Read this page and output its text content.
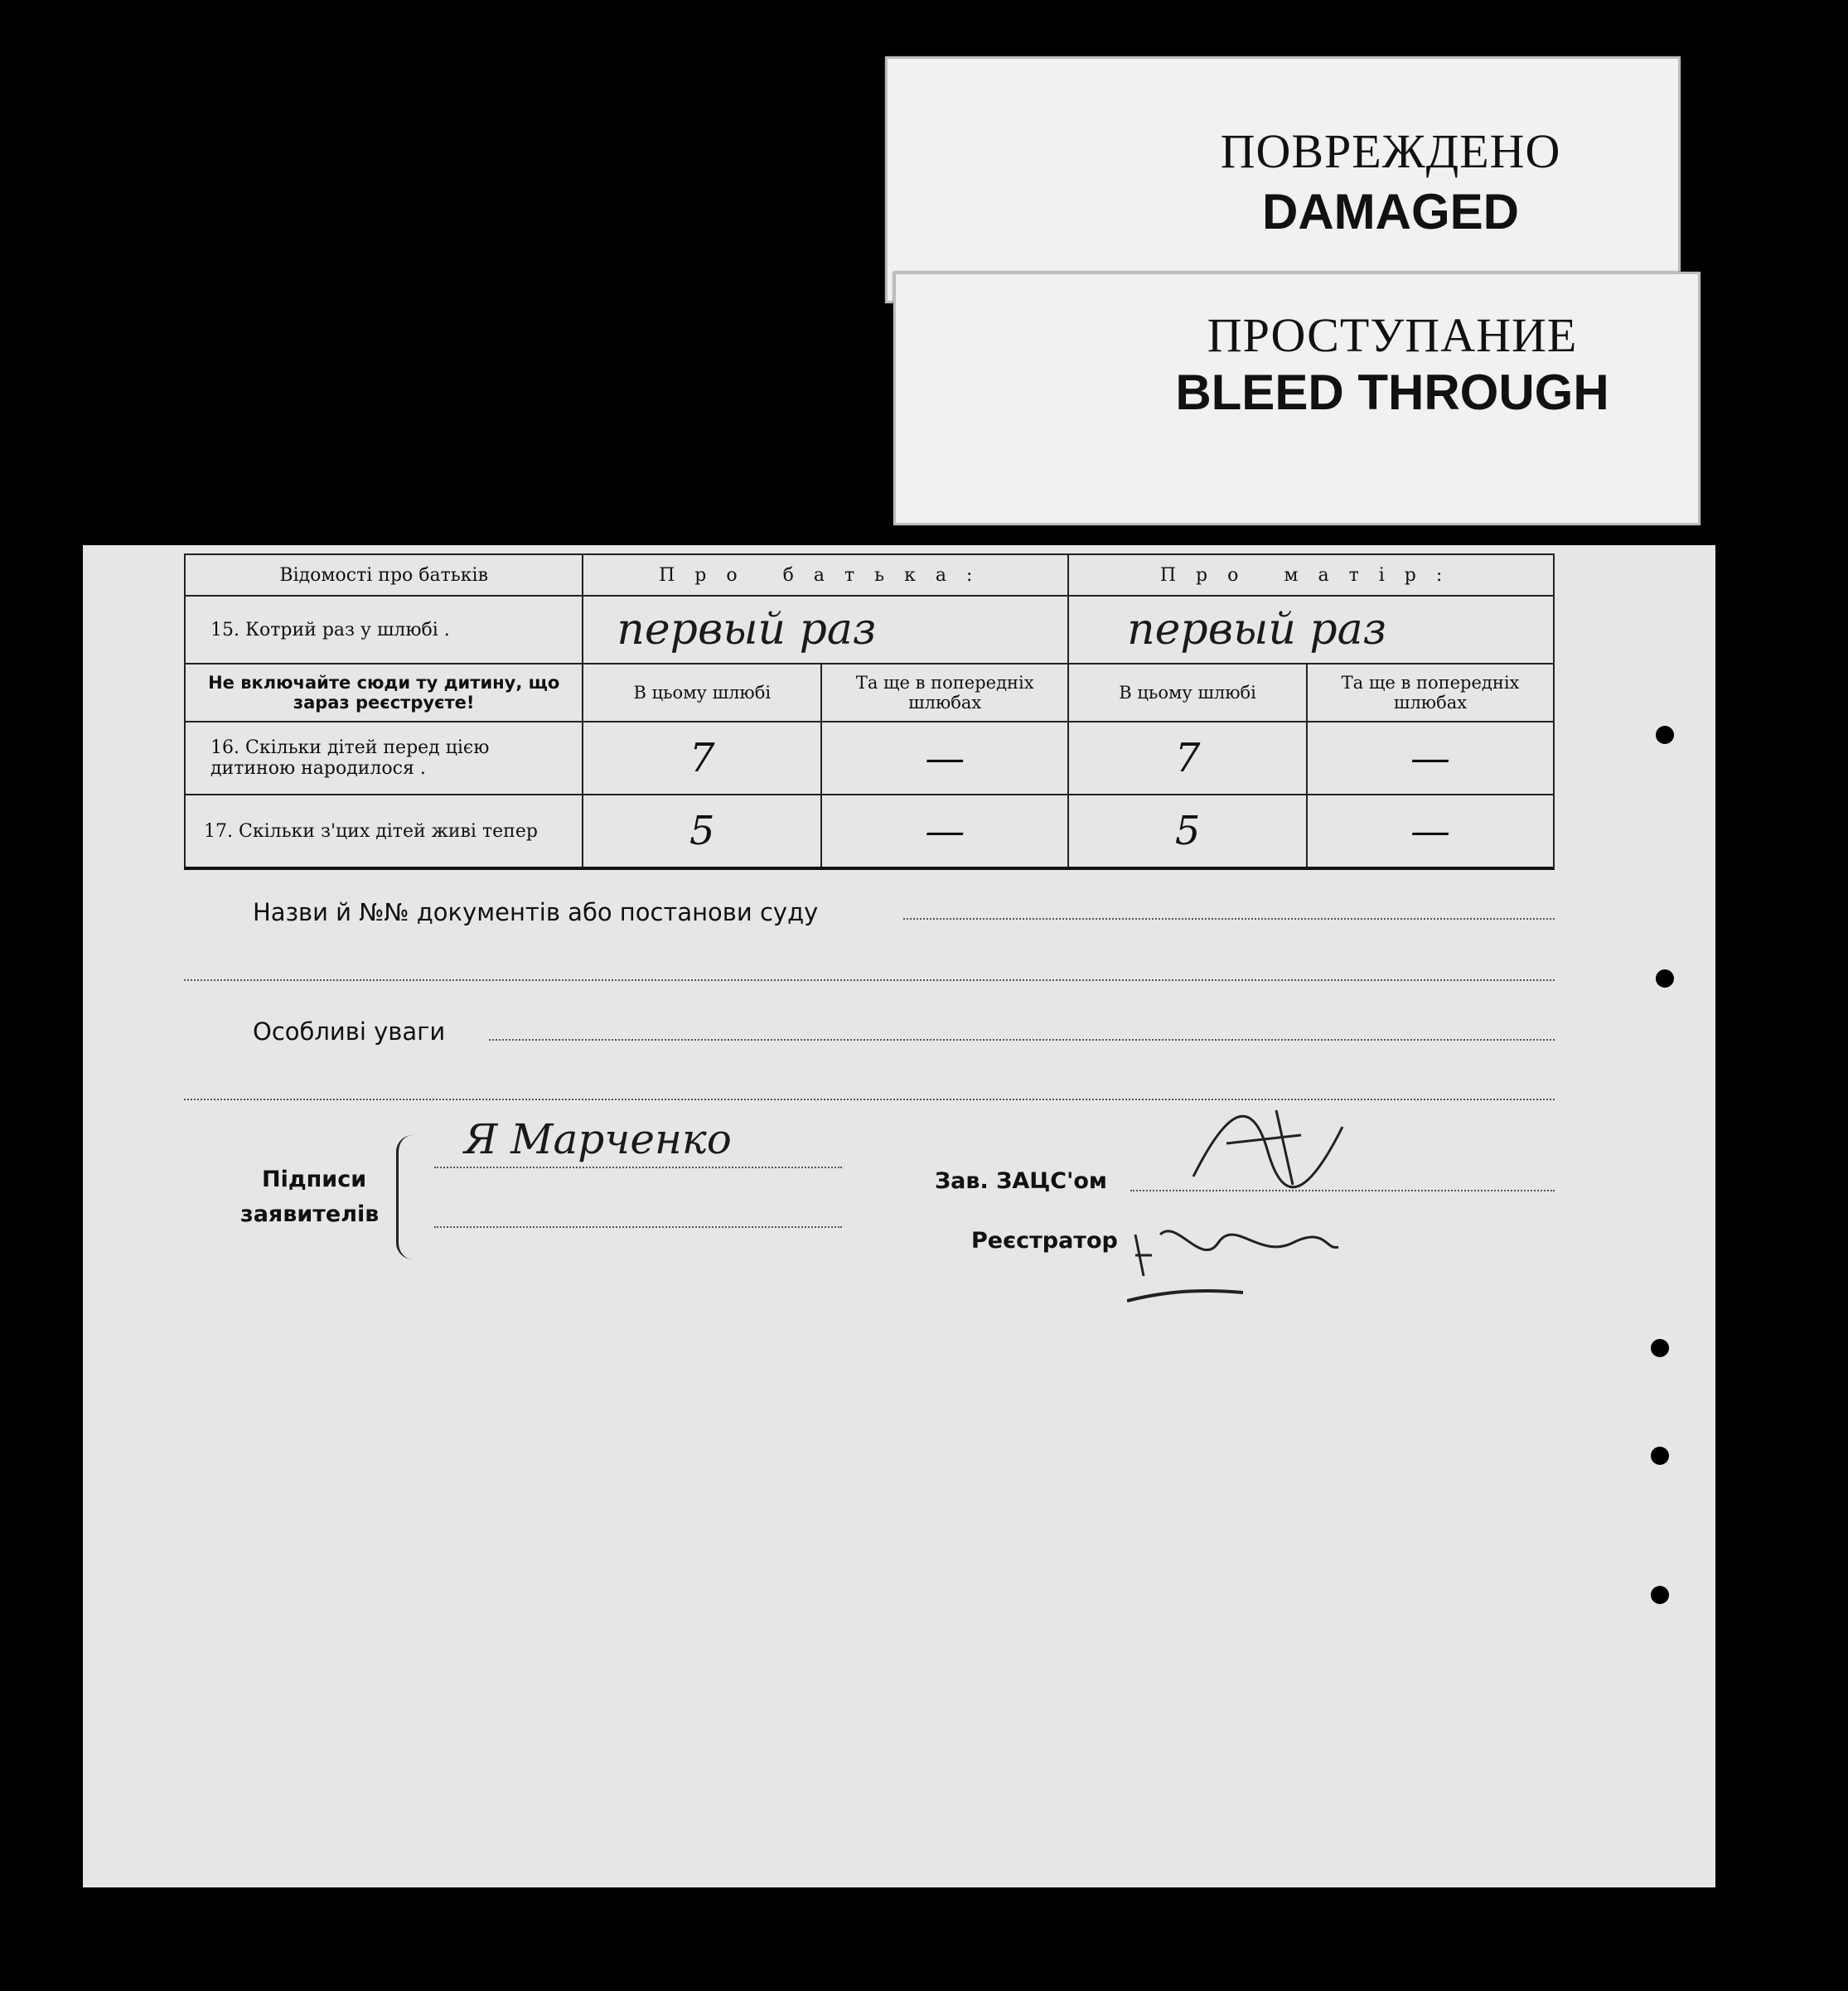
ПОВРЕЖДЕНО
DAMAGED
ПРОСТУПАНИЕ
BLEED THROUGH
Відомості про батьків	Про батька:		Про матір:	
15. Котрий раз у шлюбі .	первый раз		первый раз	
Не включайте сюди ту дитину, що зараз реєструєте!	В цьому шлюбі	Та ще в попередніх шлюбах	В цьому шлюбі	Та ще в попередніх шлюбах
16. Скільки дітей перед цією дитиною народилося .	7	—	7	—
17. Скільки з'цих дітей живі тепер	5	—	5	—
Назви й №№ документів або постанови суду
Особливі уваги
Підписи
заявителів
Я Марченко
Зав. ЗАЦС'ом
Реєстратор
